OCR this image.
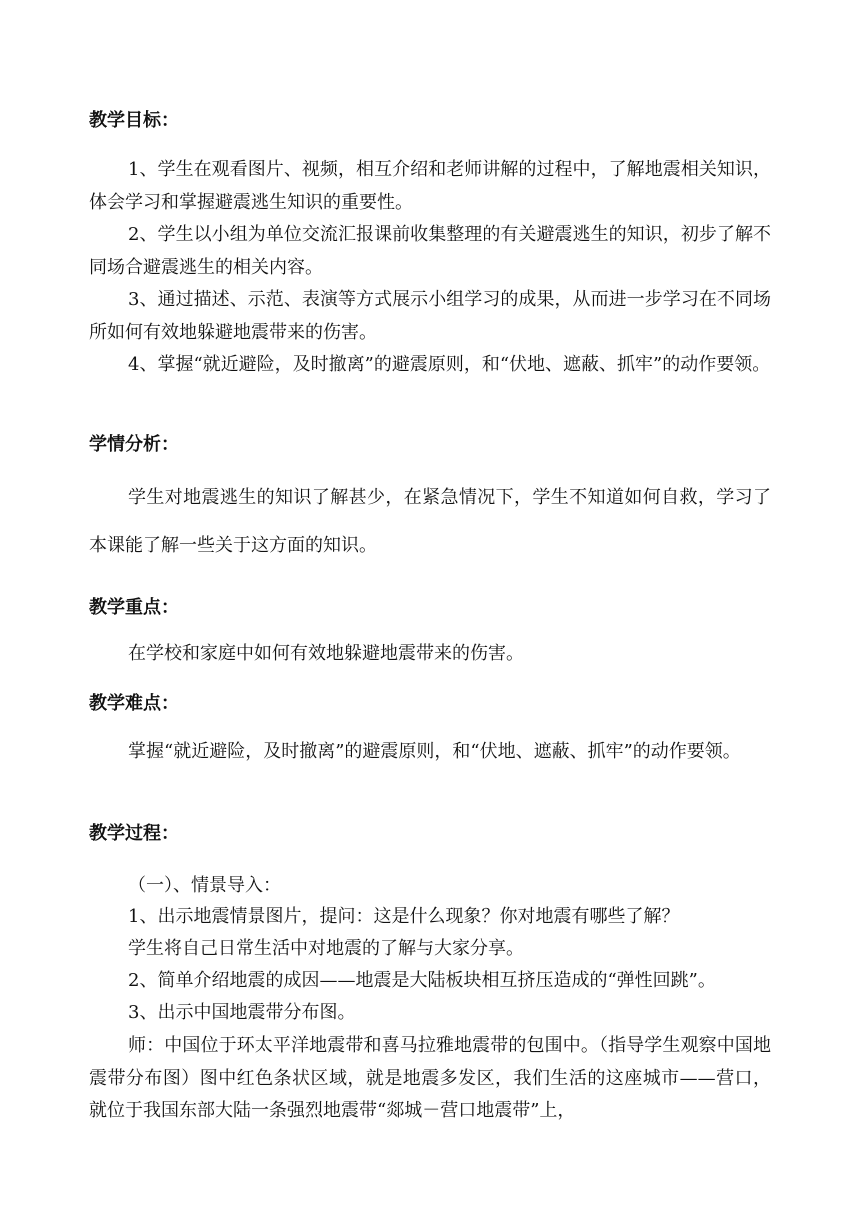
教学目标：
1、学生在观看图片、视频，相互介绍和老师讲解的过程中，了解地震相关知识，体会学习和掌握避震逃生知识的重要性。
2、学生以小组为单位交流汇报课前收集整理的有关避震逃生的知识，初步了解不同场合避震逃生的相关内容。
3、通过描述、示范、表演等方式展示小组学习的成果，从而进一步学习在不同场所如何有效地躲避地震带来的伤害。
4、掌握“就近避险，及时撤离”的避震原则，和“伏地、遮蔽、抓牢”的动作要领。
学情分析：
学生对地震逃生的知识了解甚少，在紧急情况下，学生不知道如何自救，学习了本课能了解一些关于这方面的知识。
教学重点：
在学校和家庭中如何有效地躲避地震带来的伤害。
教学难点：
掌握“就近避险，及时撤离”的避震原则，和“伏地、遮蔽、抓牢”的动作要领。
教学过程：
（一）、情景导入：
1、出示地震情景图片，提问：这是什么现象？你对地震有哪些了解？
学生将自己日常生活中对地震的了解与大家分享。
2、简单介绍地震的成因——地震是大陆板块相互挤压造成的“弹性回跳”。
3、出示中国地震带分布图。
师：中国位于环太平洋地震带和喜马拉雅地震带的包围中。（指导学生观察中国地震带分布图）图中红色条状区域，就是地震多发区，我们生活的这座城市——营口，就位于我国东部大陆一条强烈地震带“郯城－营口地震带”上，
